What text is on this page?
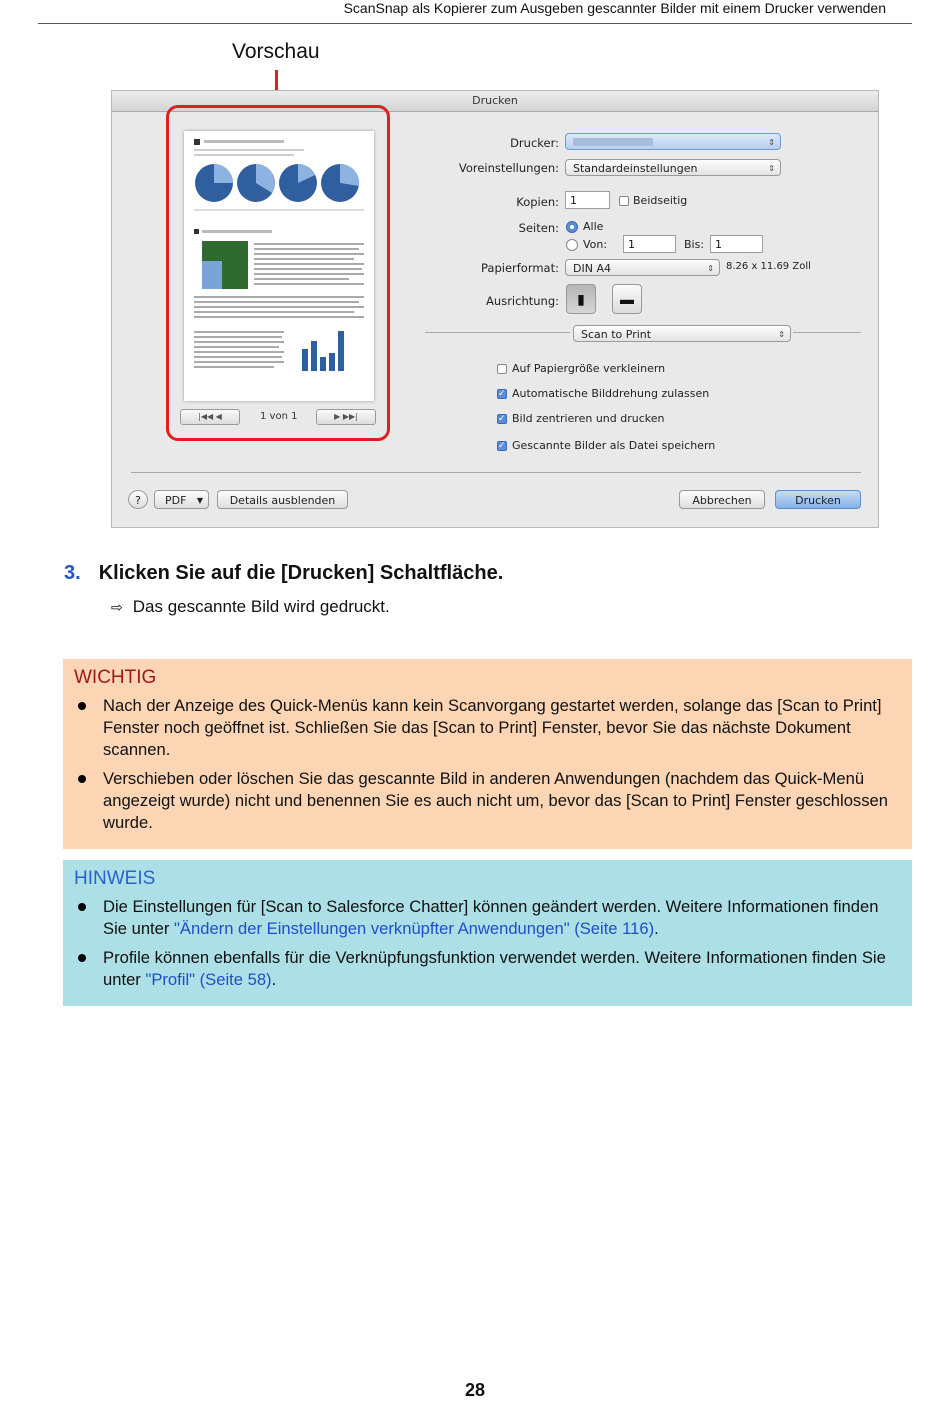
ScanSnap als Kopierer zum Ausgeben gescannter Bilder mit einem Drucker verwenden
Vorschau
Drucken
|◀◀ ◀	1 von 1	▶ ▶▶|
Drucker:	⇕
Voreinstellungen:	Standardeinstellungen	⇕
Kopien:	1	Beidseitig
Seiten: Alle
Von:	1	Bis: 1
Papierformat:	DIN A4	⇕ 8.26 x 11.69 Zoll
Ausrichtung:	▮	▬
Scan to Print	⇕
Auf Papiergröße verkleinern
✓
Automatische Bilddrehung zulassen
✓
Bild zentrieren und drucken
✓
Gescannte Bilder als Datei speichern
?	PDF ▼	Details ausblenden	Abbrechen	Drucken
3. Klicken Sie auf die [Drucken] Schaltfläche.
⇨ Das gescannte Bild wird gedruckt.
WICHTIG
Nach der Anzeige des Quick-Menüs kann kein Scanvorgang gestartet werden, solange das [Scan to Print] Fenster noch geöffnet ist. Schließen Sie das [Scan to Print] Fenster, bevor Sie das nächste Dokument scannen.
Verschieben oder löschen Sie das gescannte Bild in anderen Anwendungen (nachdem das Quick-Menü angezeigt wurde) nicht und benennen Sie es auch nicht um, bevor das [Scan to Print] Fenster geschlossen wurde.
HINWEIS
Die Einstellungen für [Scan to Salesforce Chatter] können geändert werden. Weitere Informationen finden Sie unter "Ändern der Einstellungen verknüpfter Anwendungen" (Seite 116).
Profile können ebenfalls für die Verknüpfungsfunktion verwendet werden. Weitere Informationen finden Sie unter "Profil" (Seite 58).
28
